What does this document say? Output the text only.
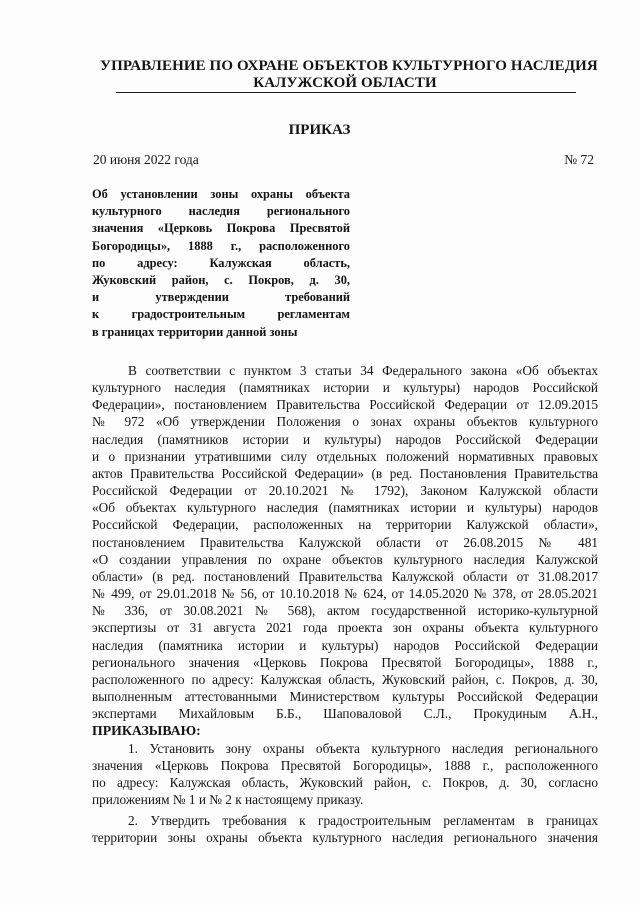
УПРАВЛЕНИЕ ПО ОХРАНЕ ОБЪЕКТОВ КУЛЬТУРНОГО НАСЛЕДИЯ
КАЛУЖСКОЙ ОБЛАСТИ
ПРИКАЗ
20 июня 2022 года	№ 72
Об установлении зоны охраны объекта
культурного наследия регионального
значения «Церковь Покрова Пресвятой
Богородицы», 1888 г., расположенного
по адресу: Калужская область,
Жуковский район, с. Покров, д. 30,
и утверждении требований
к градостроительным регламентам
в границах территории данной зоны
В соответствии с пунктом 3 статьи 34 Федерального закона «Об объектах
культурного наследия (памятниках истории и культуры) народов Российской
Федерации», постановлением Правительства Российской Федерации от 12.09.2015
№ 972 «Об утверждении Положения о зонах охраны объектов культурного
наследия (памятников истории и культуры) народов Российской Федерации
и о признании утратившими силу отдельных положений нормативных правовых
актов Правительства Российской Федерации» (в ред. Постановления Правительства
Российской Федерации от 20.10.2021 № 1792), Законом Калужской области
«Об объектах культурного наследия (памятниках истории и культуры) народов
Российской Федерации, расположенных на территории Калужской области»,
постановлением Правительства Калужской области от 26.08.2015 № 481
«О создании управления по охране объектов культурного наследия Калужской
области» (в ред. постановлений Правительства Калужской области от 31.08.2017
№ 499, от 29.01.2018 № 56, от 10.10.2018 № 624, от 14.05.2020 № 378, от 28.05.2021
№ 336, от 30.08.2021 № 568), актом государственной историко-культурной
экспертизы от 31 августа 2021 года проекта зон охраны объекта культурного
наследия (памятника истории и культуры) народов Российской Федерации
регионального значения «Церковь Покрова Пресвятой Богородицы», 1888 г.,
расположенного по адресу: Калужская область, Жуковский район, с. Покров, д. 30,
выполненным аттестованными Министерством культуры Российской Федерации
экспертами Михайловым Б.Б., Шаповаловой С.Л., Прокудиным А.Н.,
ПРИКАЗЫВАЮ:
1. Установить зону охраны объекта культурного наследия регионального
значения «Церковь Покрова Пресвятой Богородицы», 1888 г., расположенного
по адресу: Калужская область, Жуковский район, с. Покров, д. 30, согласно
приложениям № 1 и № 2 к настоящему приказу.
2. Утвердить требования к градостроительным регламентам в границах
территории зоны охраны объекта культурного наследия регионального значения
